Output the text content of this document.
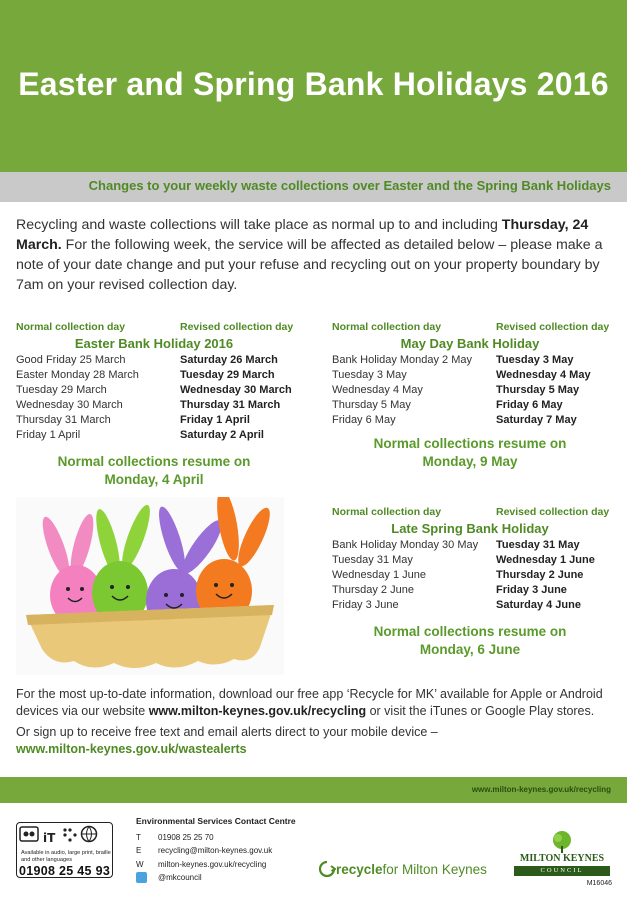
Easter and Spring Bank Holidays 2016
Changes to your weekly waste collections over Easter and the Spring Bank Holidays

Recycling and waste collections will take place as normal up to and including Thursday, 24 March. For the following week, the service will be affected as detailed below – please make a note of your date change and put your refuse and recycling out on your property boundary by 7am on your revised collection day.

Normal collection day	Revised collection day
Easter Bank Holiday 2016
Good Friday 25 March	Saturday 26 March
Easter Monday 28 March	Tuesday 29 March
Tuesday 29 March	Wednesday 30 March
Wednesday 30 March	Thursday 31 March
Thursday 31 March	Friday 1 April
Friday 1 April	Saturday 2 April
Normal collections resume on
Monday, 4 April
Normal collection day	Revised collection day
May Day Bank Holiday
Bank Holiday Monday 2 May	Tuesday 3 May
Tuesday 3 May	Wednesday 4 May
Wednesday 4 May	Thursday 5 May
Thursday 5 May	Friday 6 May
Friday 6 May	Saturday 7 May
Normal collections resume on
Monday, 9 May
Normal collection day	Revised collection day
Late Spring Bank Holiday
Bank Holiday Monday 30 May	Tuesday 31 May
Tuesday 31 May	Wednesday 1 June
Wednesday 1 June	Thursday 2 June
Thursday 2 June	Friday 3 June
Friday 3 June	Saturday 4 June
Normal collections resume on
Monday, 6 June

For the most up-to-date information, download our free app ‘Recycle for MK’ available for Apple or Android devices via our website www.milton-keynes.gov.uk/recycling or visit the iTunes or Google Play stores.

Or sign up to receive free text and email alerts direct to your mobile device –
www.milton-keynes.gov.uk/wastealerts

www.milton-keynes.gov.uk/recycling
iT
Available in audio, large print, braille and other languages
01908 25 45 93
Environmental Services Contact Centre
T	01908 25 25 70
E	recycling@milton-keynes.gov.uk
W	milton-keynes.gov.uk/recycling
@mkcouncil
recycle for Milton Keynes
MILTON KEYNES
COUNCIL
M16046
